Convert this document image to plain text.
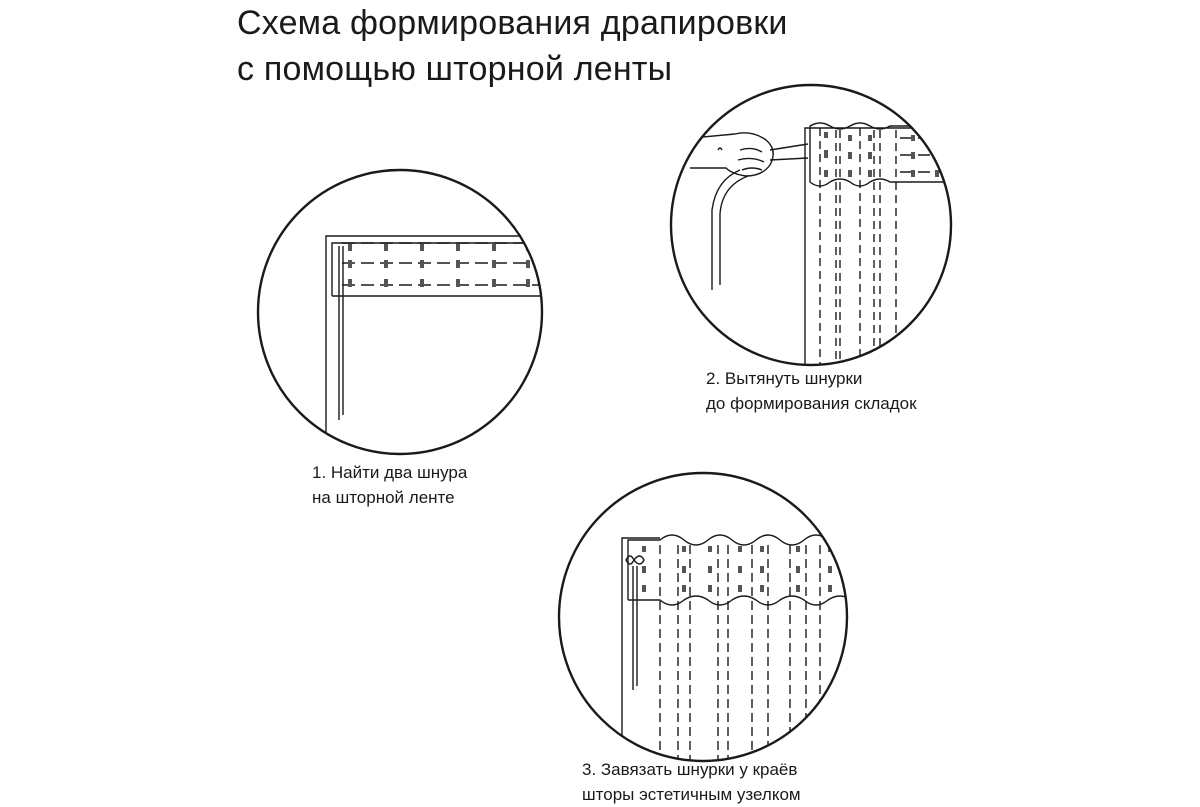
Схема формирования драпировки
с помощью шторной ленты
1. Найти два шнура
на шторной ленте
2. Вытянуть шнурки
до формирования складок
3. Завязать шнурки у краёв
шторы эстетичным узелком
